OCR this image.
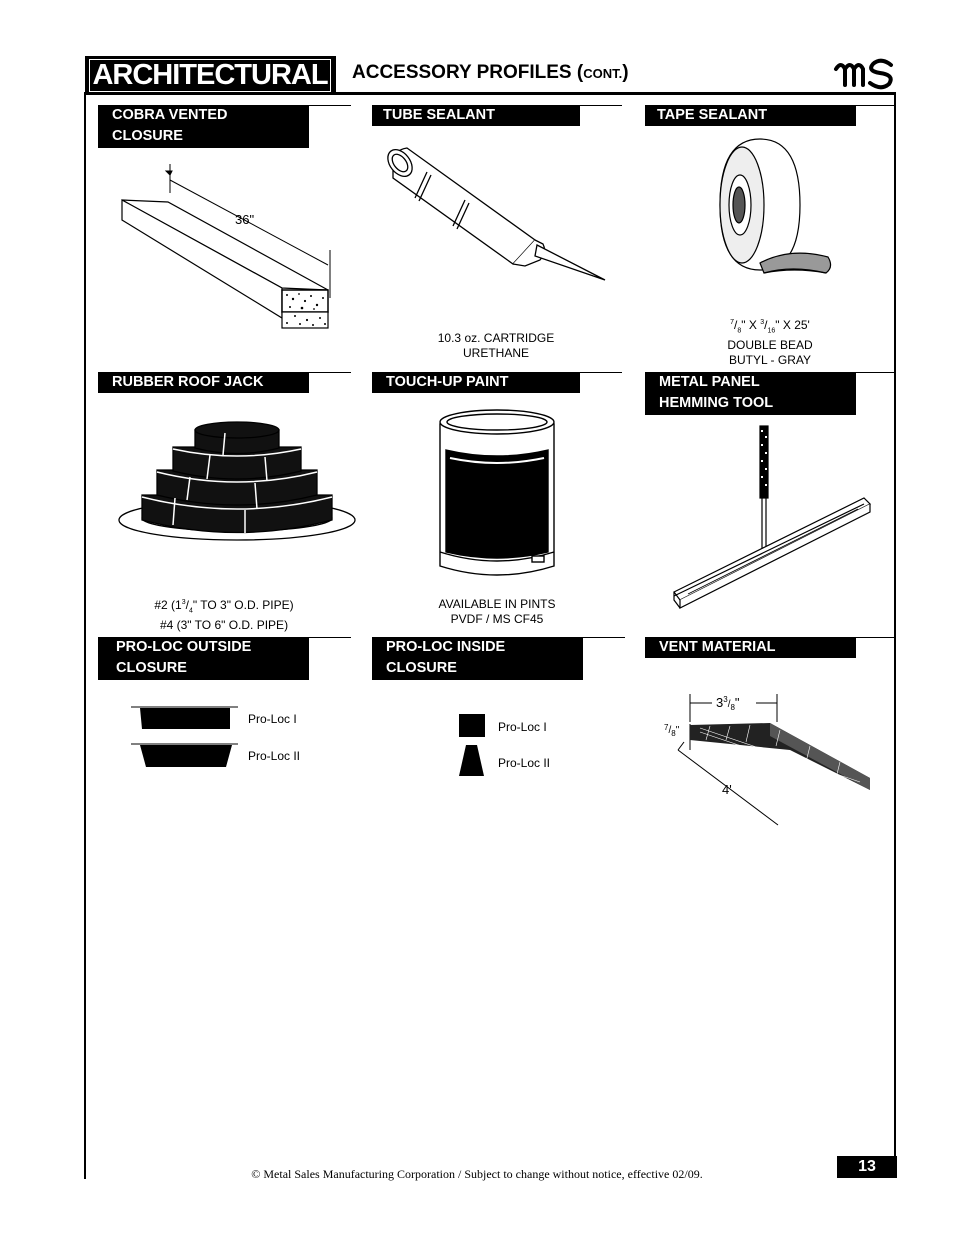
ARCHITECTURAL ACCESSORY PROFILES (CONT.)	ms
COBRA VENTED
CLOSURE
36"
TUBE SEALANT
10.3 oz. CARTRIDGE
URETHANE
TAPE SEALANT
$^7/_8$" X $^3/_{16}$" X 25'
DOUBLE BEAD
BUTYL - GRAY
RUBBER ROOF JACK
#2 ($1^3/_4$" TO 3" O.D. PIPE)
#4 (3" TO 6" O.D. PIPE)
TOUCH-UP PAINT
AVAILABLE IN PINTS
PVDF / MS CF45
METAL PANEL
HEMMING TOOL
PRO-LOC OUTSIDE
CLOSURE
Pro-Loc I
Pro-Loc II
PRO-LOC INSIDE
CLOSURE
Pro-Loc I
Pro-Loc II
VENT MATERIAL
$3^3_{/8}$"
$^7/_8$"
4'
© Metal Sales Manufacturing Corporation / Subject to change without notice, effective 02/09.	13
